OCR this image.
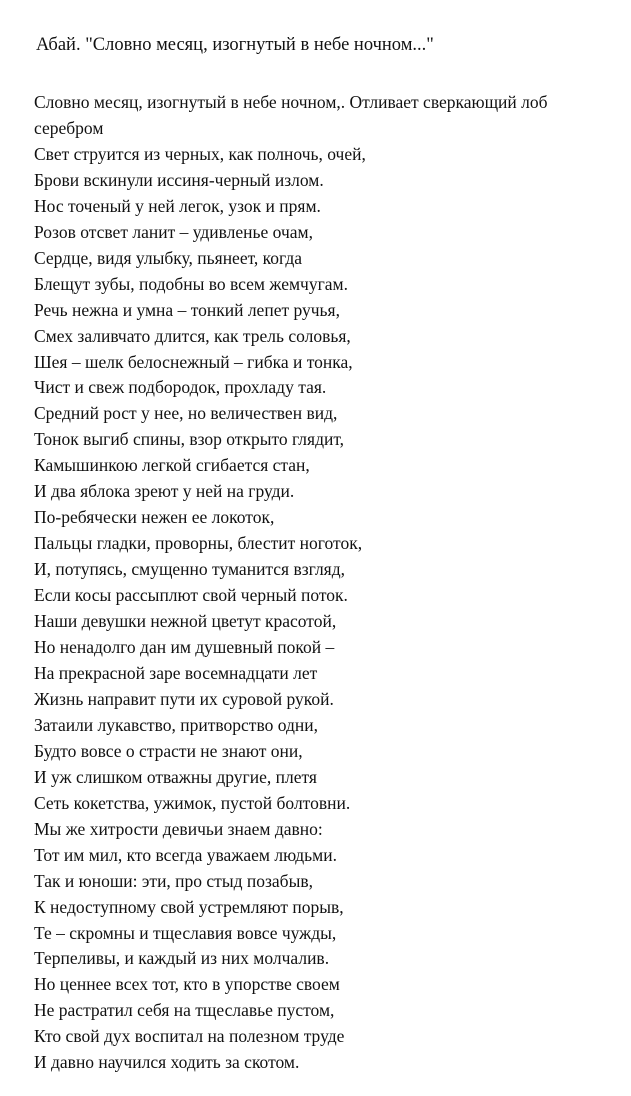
Абай. "Словно месяц, изогнутый в небе ночном..."
Словно месяц, изогнутый в небе ночном,. Отливает сверкающий лоб серебром
Свет струится из черных, как полночь, очей,
Брови вскинули иссиня-черный излом.
Нос точеный у ней легок, узок и прям.
Розов отсвет ланит – удивленье очам,
Сердце, видя улыбку, пьянеет, когда
Блещут зубы, подобны во всем жемчугам.
Речь нежна и умна – тонкий лепет ручья,
Смех заливчато длится, как трель соловья,
Шея – шелк белоснежный – гибка и тонка,
Чист и свеж подбородок, прохладу тая.
Средний рост у нее, но величествен вид,
Тонок выгиб спины, взор открыто глядит,
Камышинкою легкой сгибается стан,
И два яблока зреют у ней на груди.
По-ребячески нежен ее локоток,
Пальцы гладки, проворны, блестит ноготок,
И, потупясь, смущенно туманится взгляд,
Если косы рассыплют свой черный поток.
Наши девушки нежной цветут красотой,
Но ненадолго дан им душевный покой –
На прекрасной заре восемнадцати лет
Жизнь направит пути их суровой рукой.
Затаили лукавство, притворство одни,
Будто вовсе о страсти не знают они,
И уж слишком отважны другие, плетя
Сеть кокетства, ужимок, пустой болтовни.
Мы же хитрости девичьи знаем давно:
Тот им мил, кто всегда уважаем людьми.
Так и юноши: эти, про стыд позабыв,
К недоступному свой устремляют порыв,
Те – скромны и тщеславия вовсе чужды,
Терпеливы, и каждый из них молчалив.
Но ценнее всех тот, кто в упорстве своем
Не растратил себя на тщеславье пустом,
Кто свой дух воспитал на полезном труде
И давно научился ходить за скотом.
